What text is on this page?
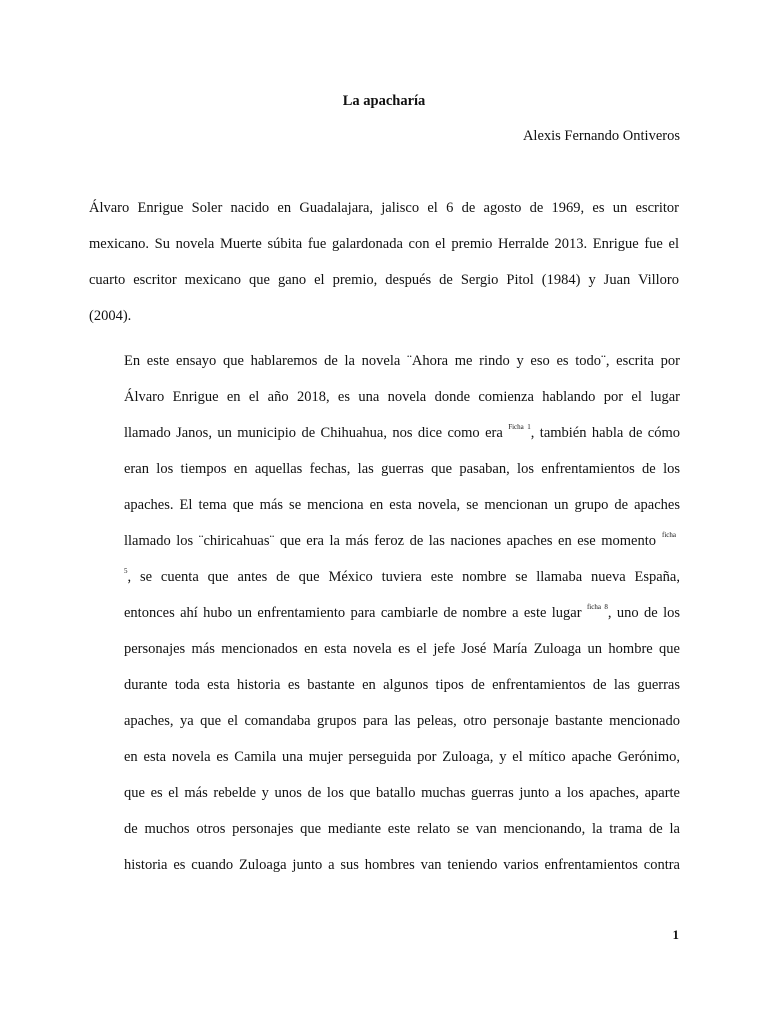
La apacharía
Alexis Fernando Ontiveros
Álvaro Enrigue Soler nacido en Guadalajara, jalisco el 6 de agosto de 1969, es un escritor
mexicano. Su novela Muerte súbita fue galardonada con el premio Herralde 2013. Enrigue fue el
cuarto escritor mexicano que gano el premio, después de Sergio Pitol (1984) y Juan Villoro
(2004).
En este ensayo que hablaremos de la novela ¨Ahora me rindo y eso es todo¨, escrita por
Álvaro Enrigue en el año 2018, es una novela donde comienza hablando por el lugar
llamado Janos, un municipio de Chihuahua, nos dice como era $^{Ficha 1}$, también habla de cómo
eran los tiempos en aquellas fechas, las guerras que pasaban, los enfrentamientos de los
apaches. El tema que más se menciona en esta novela, se mencionan un grupo de apaches
llamado los ¨chiricahuas¨ que era la más feroz de las naciones apaches en ese momento ficha
$^5$, se cuenta que antes de que México tuviera este nombre se llamaba nueva España,
entonces ahí hubo un enfrentamiento para cambiarle de nombre a este lugar $^{ficha 8}$, uno de los
personajes más mencionados en esta novela es el jefe José María Zuloaga un hombre que
durante toda esta historia es bastante en algunos tipos de enfrentamientos de las guerras
apaches, ya que el comandaba grupos para las peleas, otro personaje bastante mencionado
en esta novela es Camila una mujer perseguida por Zuloaga, y el mítico apache Gerónimo,
que es el más rebelde y unos de los que batallo muchas guerras junto a los apaches, aparte
de muchos otros personajes que mediante este relato se van mencionando, la trama de la
historia es cuando Zuloaga junto a sus hombres van teniendo varios enfrentamientos contra
1
